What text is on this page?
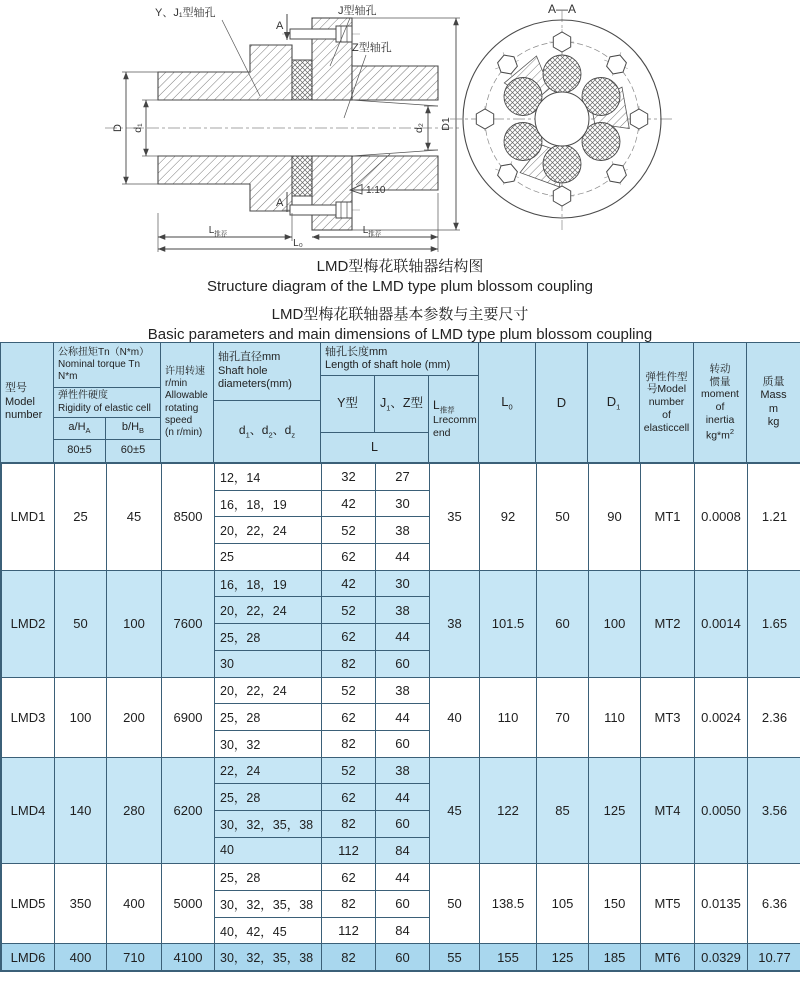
Y、J₁型轴孔	J型轴孔
Z型轴孔
A
A
1:10
D d₁	d₂ D1
$L_{推荐}$	$L_{推荐}$
L₀
A—A
LMD型梅花联轴器结构图
Structure diagram of the LMD type plum blossom coupling
LMD型梅花联轴器基本参数与主要尺寸
Basic parameters and main dimensions of LMD type plum blossom coupling
型号
Model
number
公称扭矩Tn（N*m）
Nominal torque Tn
N*m
弹性件硬度
Rigidity of elastic cell
$a/H_A$	$b/H_B$
80±5	60±5
许用转速
r/min
Allowable
rotating
speed
(n r/min)
轴孔直径mm
Shaft hole
diameters(mm)
$d_1$、$d_2$、$d_z$
轴孔长度mm
Length of shaft hole (mm)
Y型 $J_1$、Z型
L
$L_{推荐}$
Lrecomm
end
$L_0$	D	$D_1$
弹性件型
号Model
number
of
elasticcell
转动
惯量
moment
of
inertia
$kg*m^2$
质量
Mass
m
kg
LMD1	25	45	8500	12，14	32	27	35	92	50	90	MT1	0.0008	1.21
				16，18，19	42	30							
				20，22，24	52	38							
				25	62	44							
LMD2	50	100	7600	16，18，19	42	30	38	101.5	60	100	MT2	0.0014	1.65
				20，22，24	52	38							
				25，28	62	44							
				30	82	60							
LMD3	100	200	6900	20，22，24	52	38	40	110	70	110	MT3	0.0024	2.36
				25，28	62	44							
				30，32	82	60							
LMD4	140	280	6200	22，24	52	38	45	122	85	125	MT4	0.0050	3.56
				25，28	62	44							
				30，32，35，38	82	60							
				40	112	84							
LMD5	350	400	5000	25，28	62	44	50	138.5	105	150	MT5	0.0135	6.36
				30，32，35，38	82	60							
				40，42，45	112	84							
LMD6	400	710	4100	30，32，35，38	82	60	55	155	125	185	MT6	0.0329	10.77
